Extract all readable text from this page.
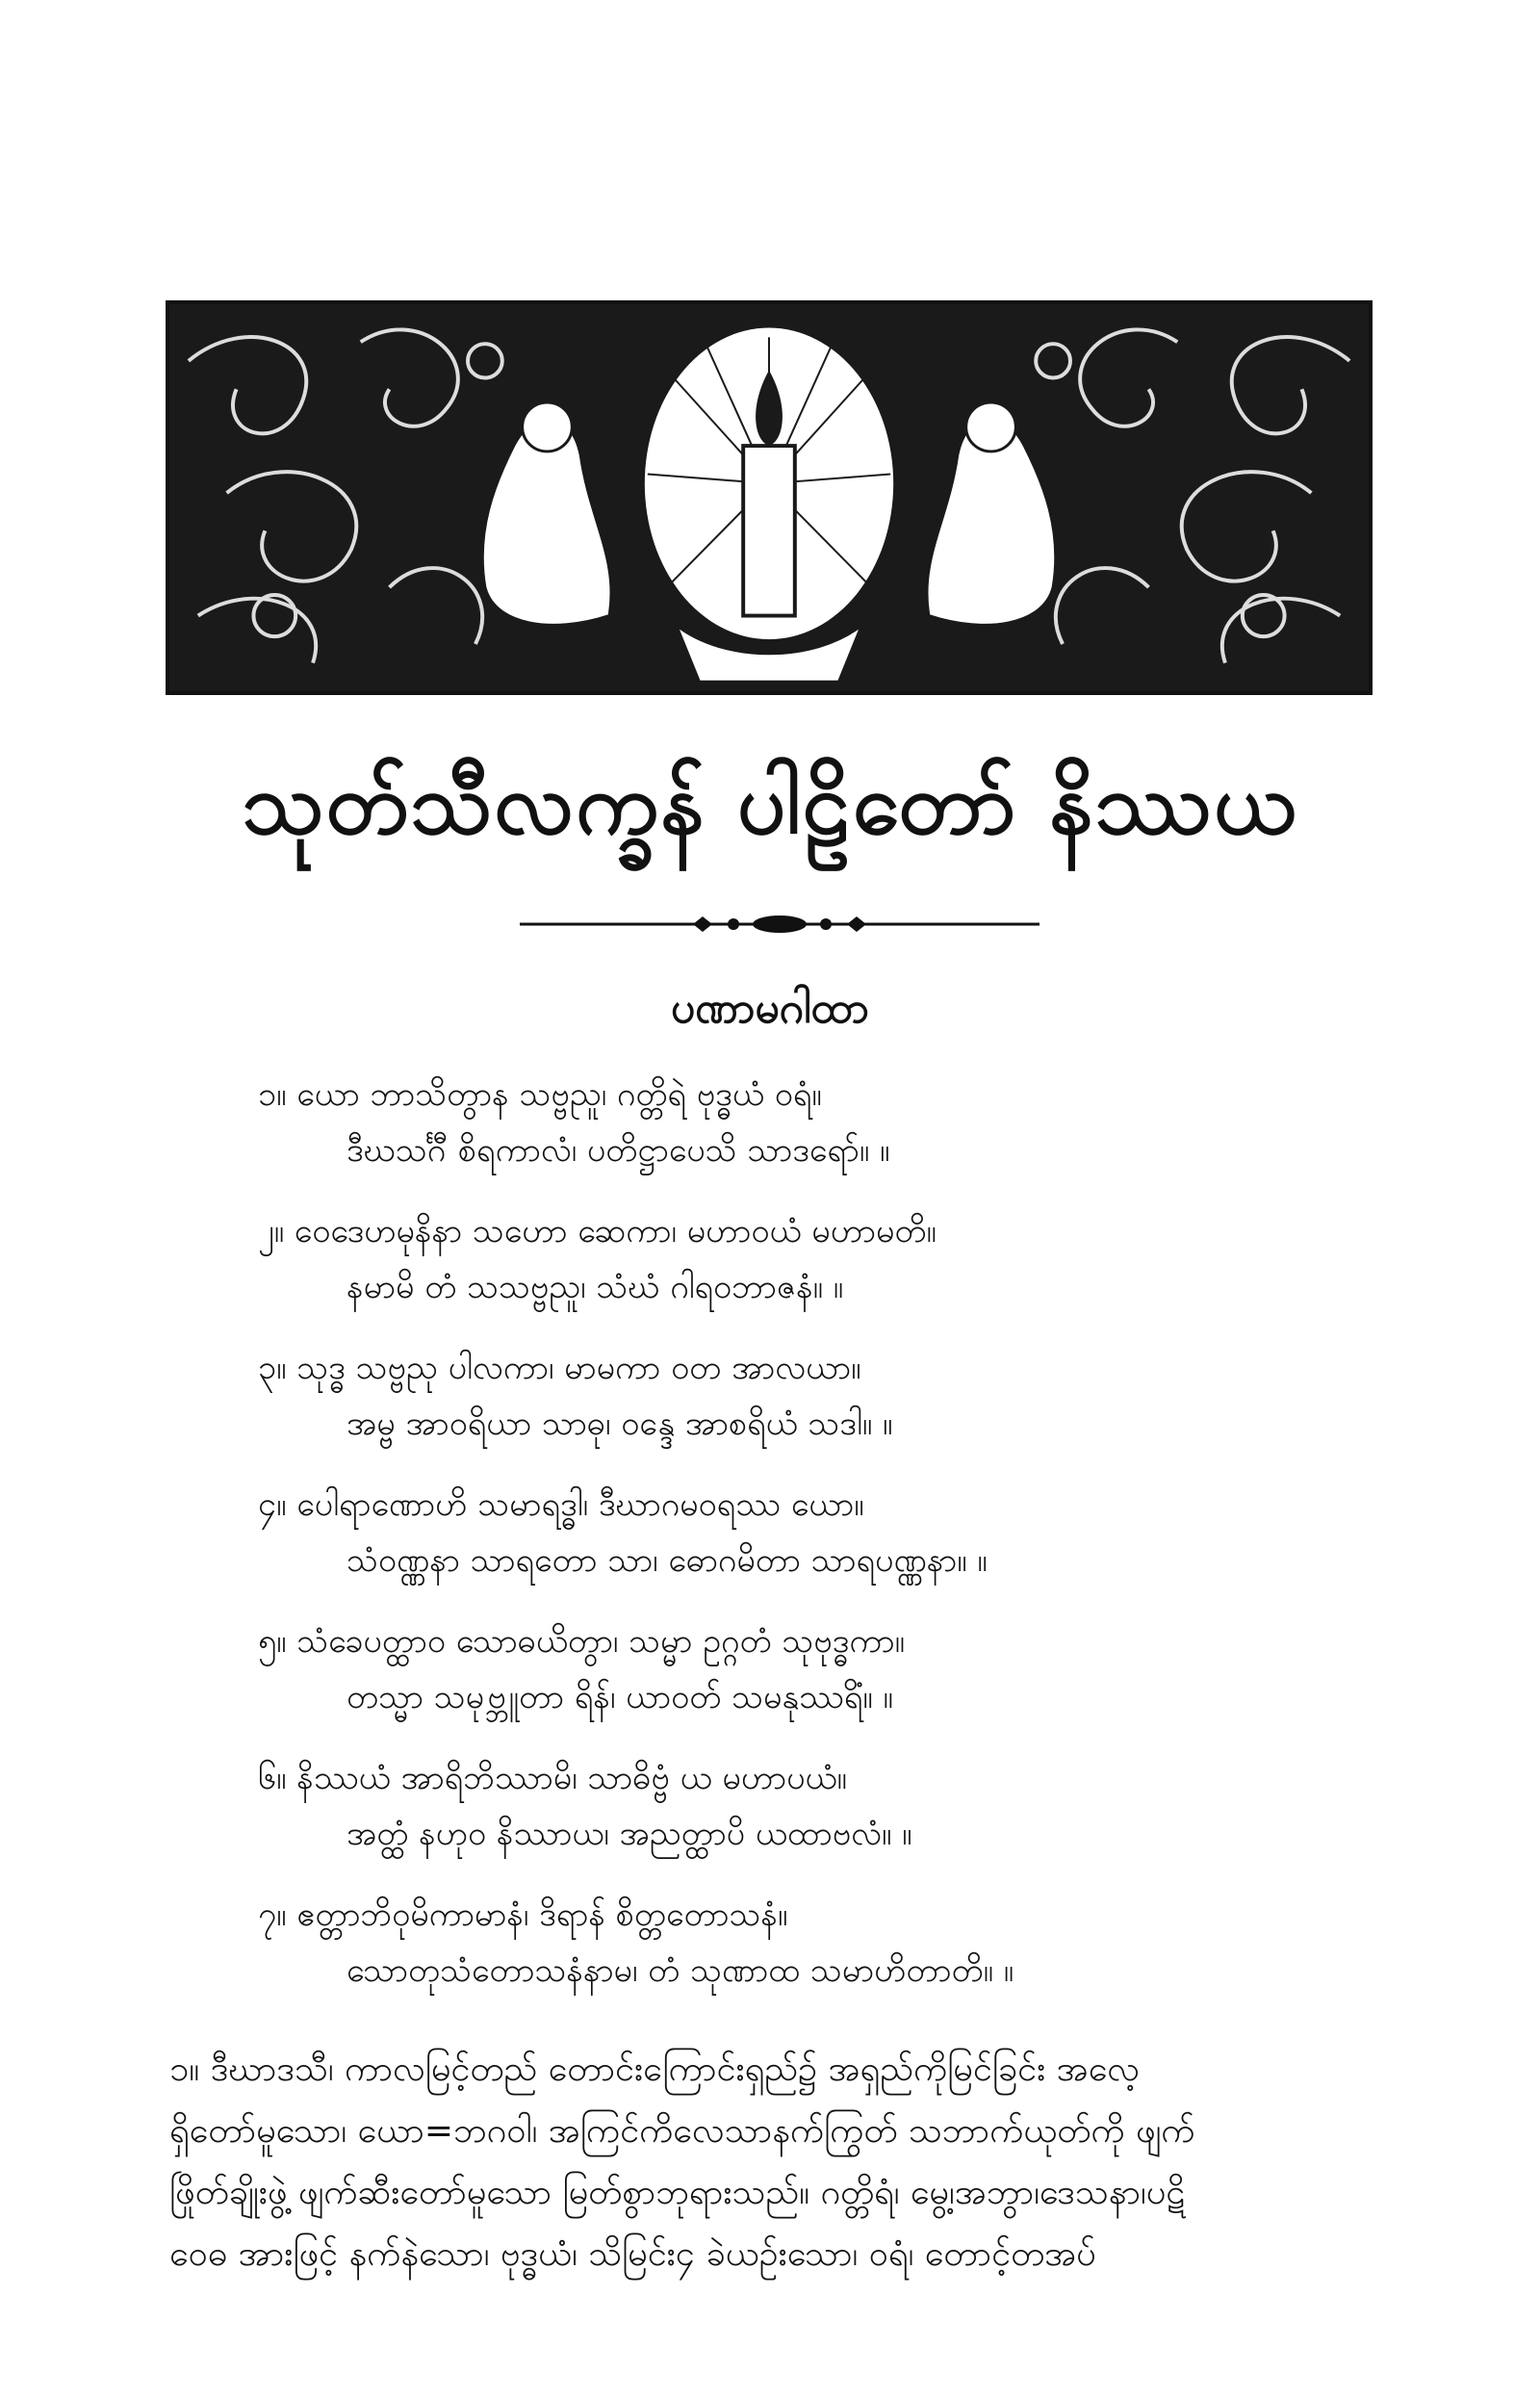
သုတ်သီလက္ခန် ပါဠိတော် နိဿယ
ပဏာမဂါထာ
၁။ ယော ဘာသိတွာန သဗ္ဗညူ၊ ဂတ္တိရဲ ဗုဒ္ဓယံ ဝရံ။
ဒီဃသင်္ဂီ စိရကာလံ၊ ပတိဋ္ဌာပေသိ သာဒရော်။ ။
၂။ ဝေဒေဟမုနိနာ သဟော ဆေကာ၊ မဟာဝယံ မဟာမတိ။
နမာမိ တံ သသဗ္ဗညူ၊ သံဃံ ဂါရဝဘာဇနံ။ ။
၃။ သုဒ္ဓ သဗ္ဗညု ပါလကာ၊ မာမကာ ဝတ အာလယာ။
အမ္ဗ အာဝရိယာ သာဓု၊ ဝန္ဒေ အာစရိယံ သဒါ။ ။
၄။ ပေါရာဏောဟိ သမာရဒ္ဓါ၊ ဒီဃာဂမဝရဿ ယော။
သံဝဏ္ဏနာ သာရတော သာ၊ ဓောဂမိတာ သာရပဏ္ဏနာ။ ။
၅။ သံခေပတ္ထာဝ သောဓယိတွာ၊ သမ္မာ ဥဂ္ဂတံ သုဗုဒ္ဓကာ။
တသ္မာ သမုဗ္ဘူတာ ရိန်၊ ယာဝတ် သမနုဿရိံ။ ။
၆။ နိဿယံ အာရိဘိဿာမိ၊ သာဓိဗ္ဗံ ယ မဟာပယံ။
အတ္ထံ နဟုဝ နိဿာယ၊ အညတ္ထာပိ ယထာဗလံ။ ။
၇။ ဧတ္တာဘိဝုမိကာမာနံ၊ ဒိရာန် စိတ္တတောသနံ။
သောတုသံတောသနံနာမ၊ တံ သုဏာထ သမာဟိတာတိ။ ။
၁။ ဒီဃာဒသီ၊ ကာလမြင့်တည် တောင်းကြောင်းရှည်၌ အရှည်ကိုမြင်ခြင်း အလေ့
ရှိတော်မူသော၊ ယော=ဘဂဝါ၊ အကြင်ကိလေသာနက်ကြွတ် သဘာက်ယုတ်ကို ဖျက်
ဖြိုတ်ချိုးဖွဲ့ ဖျက်ဆီးတော်မူသော မြတ်စွာဘုရားသည်။ ဂတ္တိရံ၊ မွေ့၊အဘွာ၊ဒေသနာ၊ပဋိ
ဝေဓ အားဖြင့် နက်နဲသော၊ ဗုဒ္ဓယံ၊ သိမြင်း၄ ခဲယဉ်းသော၊ ဝရံ၊ တောင့်တအပ်
